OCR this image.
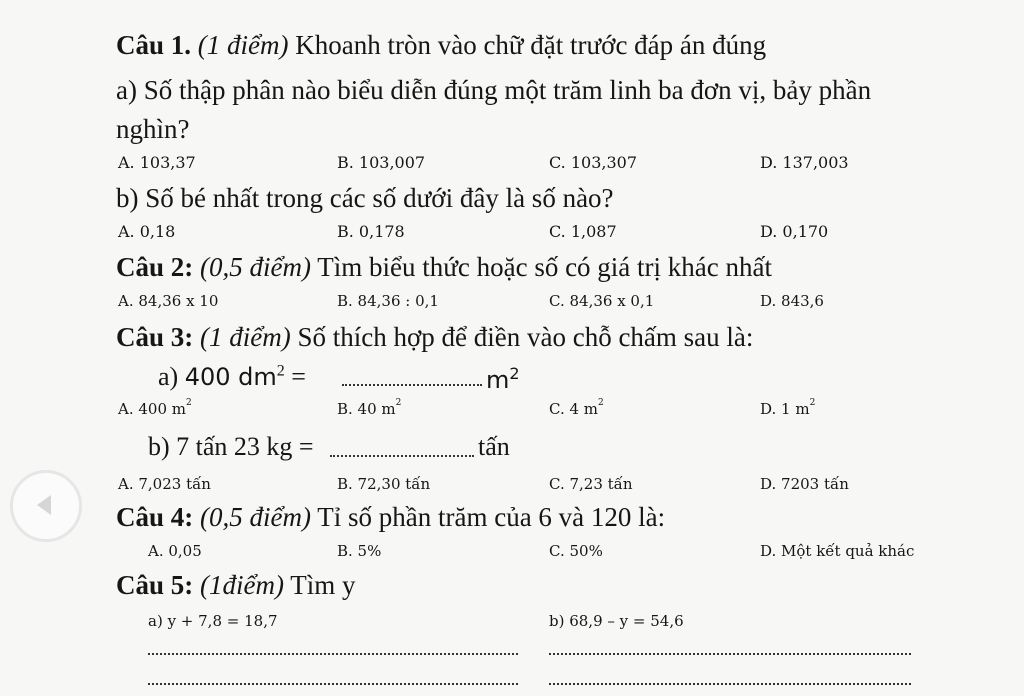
Câu 1. (1 điểm) Khoanh tròn vào chữ đặt trước đáp án đúng
a) Số thập phân nào biểu diễn đúng một trăm linh ba đơn vị, bảy phần
nghìn?
A. 103,37	B. 103,007	C. 103,307	D. 137,003
b) Số bé nhất trong các số dưới đây là số nào?
A. 0,18	B. 0,178	C. 1,087	D. 0,170
Câu 2: (0,5 điểm) Tìm biểu thức hoặc số có giá trị khác nhất
A. 84,36 x 10	B. 84,36 : 0,1	C. 84,36 x 0,1	D. 843,6
Câu 3: (1 điểm) Số thích hợp để điền vào chỗ chấm sau là:
a) 400 $dm^2$ =	$m^2$
A. 400 $m^2$	B. 40 $m^2$	C. 4 $m^2$	D. 1 $m^2$
b) 7 tấn 23 kg =	tấn
A. 7,023 tấn	B. 72,30 tấn	C. 7,23 tấn	D. 7203 tấn
Câu 4: (0,5 điểm) Tỉ số phần trăm của 6 và 120 là:
A. 0,05	B. 5%	C. 50%	D. Một kết quả khác
Câu 5: (1điểm) Tìm y
a) y + 7,8 = 18,7	b) 68,9 – y = 54,6
